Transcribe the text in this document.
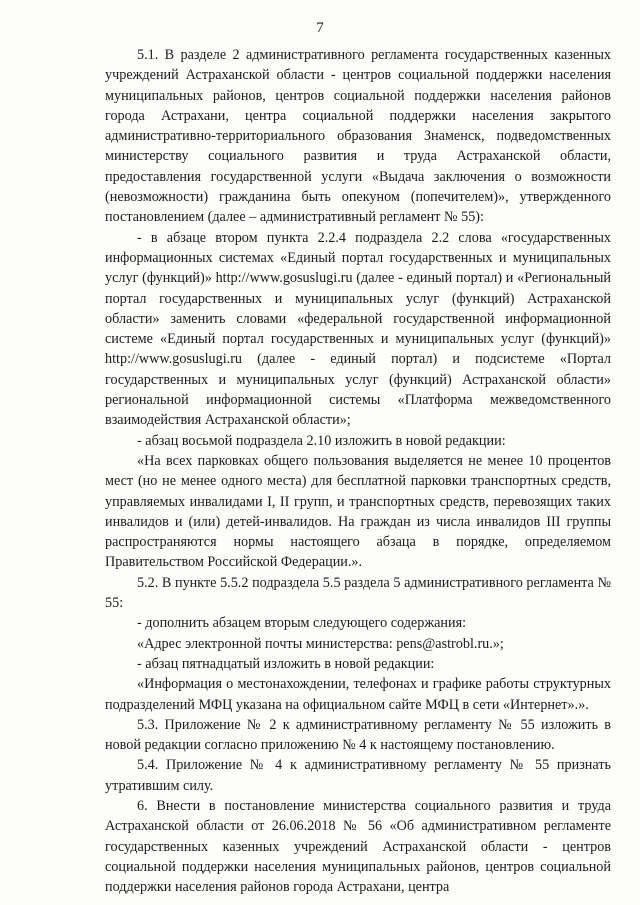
7

5.1. В разделе 2 административного регламента государственных казенных учреждений Астраханской области - центров социальной поддержки населения муниципальных районов, центров социальной поддержки населения районов города Астрахани, центра социальной поддержки населения закрытого административно-территориального образования Знаменск, подведомственных министерству социального развития и труда Астраханской области, предоставления государственной услуги «Выдача заключения о возможности (невозможности) гражданина быть опекуном (попечителем)», утвержденного постановлением (далее – административный регламент № 55):

- в абзаце втором пункта 2.2.4 подраздела 2.2 слова «государственных информационных системах «Единый портал государственных и муниципальных услуг (функций)» http://www.gosuslugi.ru (далее - единый портал) и «Региональный портал государственных и муниципальных услуг (функций) Астраханской области» заменить словами «федеральной государственной информационной системе «Единый портал государственных и муниципальных услуг (функций)» http://www.gosuslugi.ru (далее - единый портал) и подсистеме «Портал государственных и муниципальных услуг (функций) Астраханской области» региональной информационной системы «Платформа межведомственного взаимодействия Астраханской области»;

- абзац восьмой подраздела 2.10 изложить в новой редакции:

«На всех парковках общего пользования выделяется не менее 10 процентов мест (но не менее одного места) для бесплатной парковки транспортных средств, управляемых инвалидами I, II групп, и транспортных средств, перевозящих таких инвалидов и (или) детей-инвалидов. На граждан из числа инвалидов III группы распространяются нормы настоящего абзаца в порядке, определяемом Правительством Российской Федерации.».

5.2. В пункте 5.5.2 подраздела 5.5 раздела 5 административного регламента № 55:

- дополнить абзацем вторым следующего содержания:

«Адрес электронной почты министерства: pens@astrobl.ru.»;

- абзац пятнадцатый изложить в новой редакции:

«Информация о местонахождении, телефонах и графике работы структурных подразделений МФЦ указана на официальном сайте МФЦ в сети «Интернет».».

5.3. Приложение № 2 к административному регламенту № 55 изложить в новой редакции согласно приложению № 4 к настоящему постановлению.

5.4. Приложение № 4 к административному регламенту № 55 признать утратившим силу.

6. Внести в постановление министерства социального развития и труда Астраханской области от 26.06.2018 № 56 «Об административном регламенте государственных казенных учреждений Астраханской области - центров социальной поддержки населения муниципальных районов, центров социальной поддержки населения районов города Астрахани, центра
